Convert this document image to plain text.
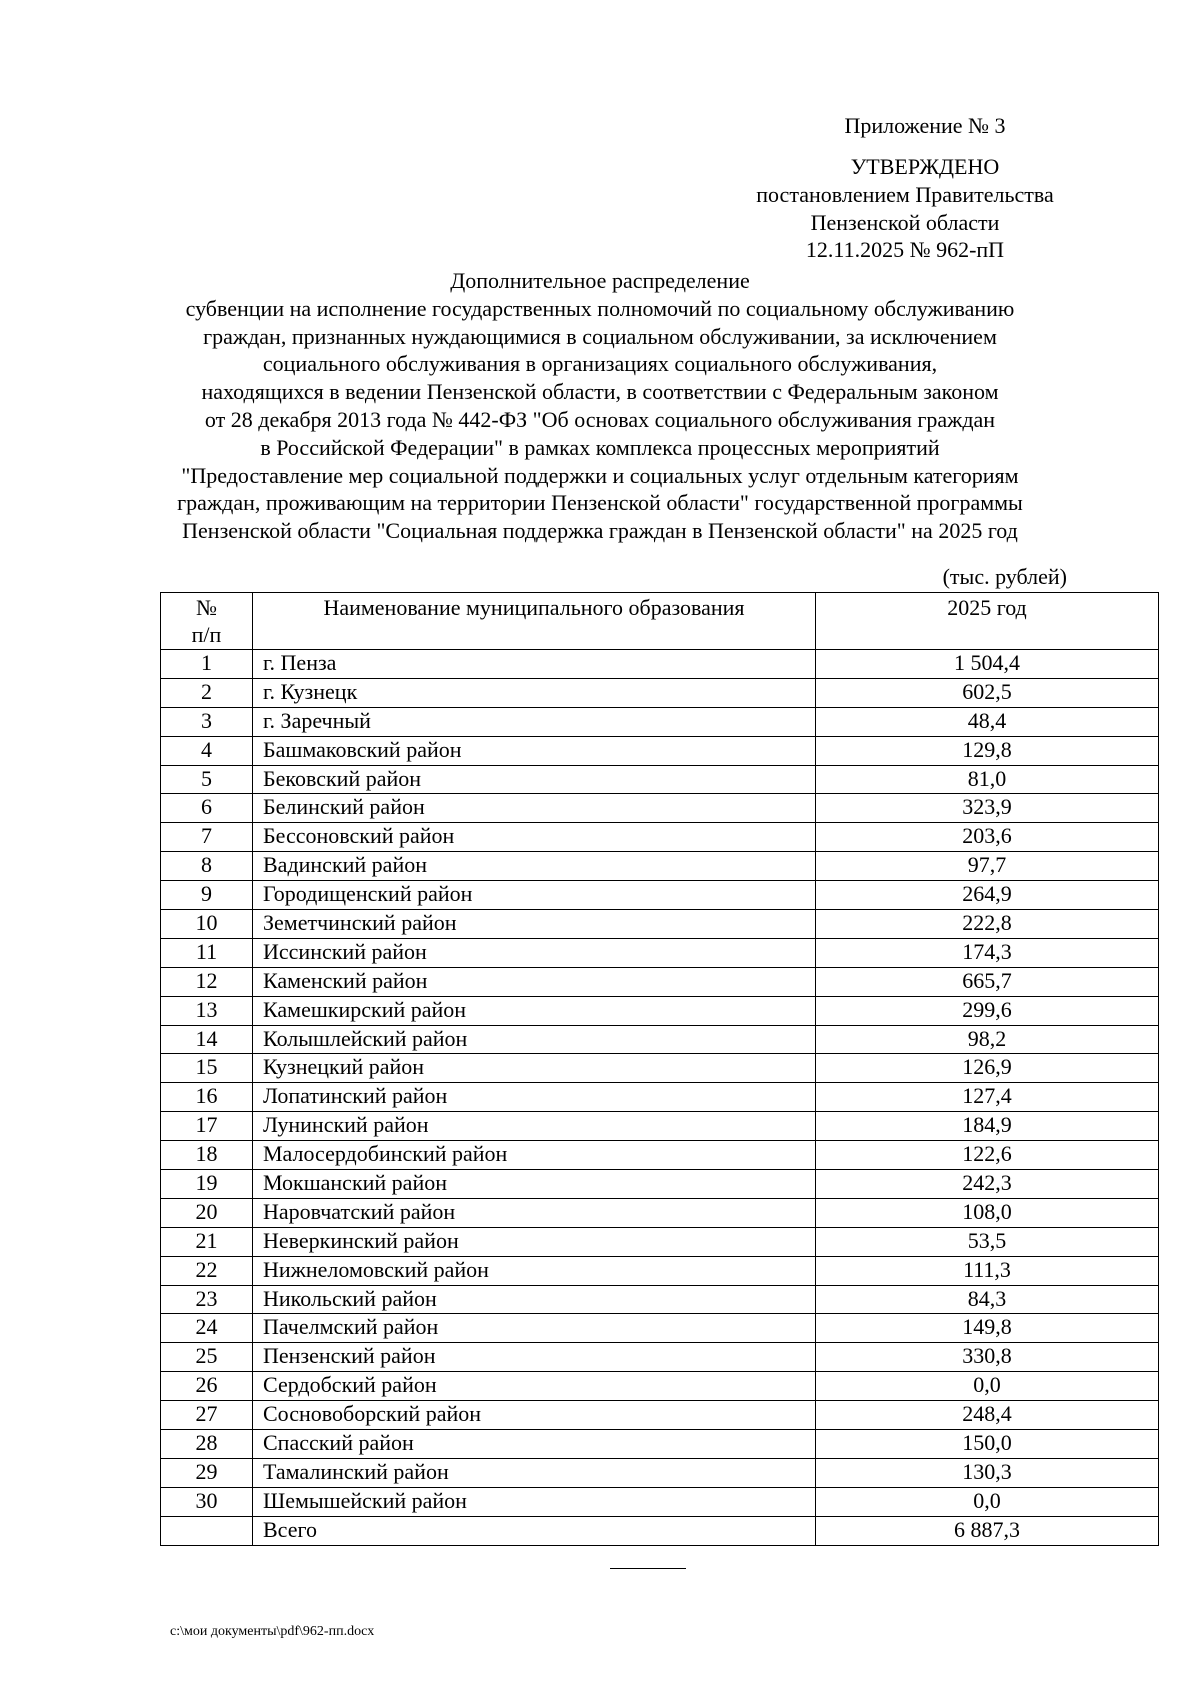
Приложение № 3
УТВЕРЖДЕНО
постановлением Правительства
Пензенской области
12.11.2025 № 962-пП
Дополнительное распределение
субвенции на исполнение государственных полномочий по социальному обслуживанию
граждан, признанных нуждающимися в социальном обслуживании, за исключением
социального обслуживания в организациях социального обслуживания,
находящихся в ведении Пензенской области, в соответствии с Федеральным законом
от 28 декабря 2013 года № 442-ФЗ "Об основах социального обслуживания граждан
в Российской Федерации" в рамках комплекса процессных мероприятий
"Предоставление мер социальной поддержки и социальных услуг отдельным категориям
граждан, проживающим на территории Пензенской области" государственной программы
Пензенской области "Социальная поддержка граждан в Пензенской области" на 2025 год
(тыс. рублей)
№
п/п	Наименование муниципального образования	2025 год
1	г. Пенза	1 504,4
2	г. Кузнецк	602,5
3	г. Заречный	48,4
4	Башмаковский район	129,8
5	Бековский район	81,0
6	Белинский район	323,9
7	Бессоновский район	203,6
8	Вадинский район	97,7
9	Городищенский район	264,9
10	Земетчинский район	222,8
11	Иссинский район	174,3
12	Каменский район	665,7
13	Камешкирский район	299,6
14	Колышлейский район	98,2
15	Кузнецкий район	126,9
16	Лопатинский район	127,4
17	Лунинский район	184,9
18	Малосердобинский район	122,6
19	Мокшанский район	242,3
20	Наровчатский район	108,0
21	Неверкинский район	53,5
22	Нижнеломовский район	111,3
23	Никольский район	84,3
24	Пачелмский район	149,8
25	Пензенский район	330,8
26	Сердобский район	0,0
27	Сосновоборский район	248,4
28	Спасский район	150,0
29	Тамалинский район	130,3
30	Шемышейский район	0,0
	Всего	6 887,3
c:\мои документы\pdf\962-пп.docx
